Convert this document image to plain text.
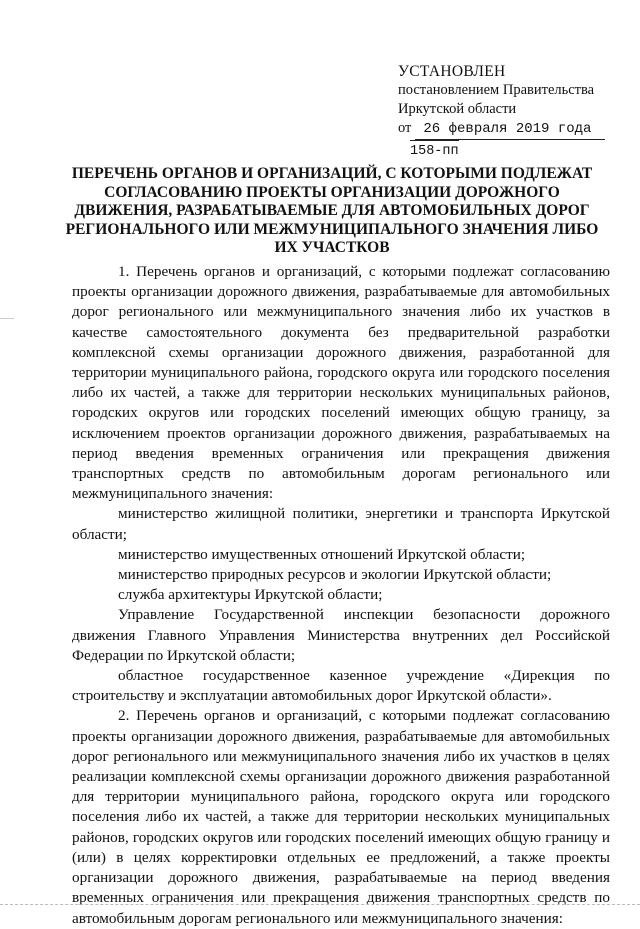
УСТАНОВЛЕН
постановлением Правительства
Иркутской области
от 26 февраля 2019 года
158-пп
ПЕРЕЧЕНЬ ОРГАНОВ И ОРГАНИЗАЦИЙ, С КОТОРЫМИ ПОДЛЕЖАТ СОГЛАСОВАНИЮ ПРОЕКТЫ ОРГАНИЗАЦИИ ДОРОЖНОГО ДВИЖЕНИЯ, РАЗРАБАТЫВАЕМЫЕ ДЛЯ АВТОМОБИЛЬНЫХ ДОРОГ РЕГИОНАЛЬНОГО ИЛИ МЕЖМУНИЦИПАЛЬНОГО ЗНАЧЕНИЯ ЛИБО ИХ УЧАСТКОВ

1. Перечень органов и организаций, с которыми подлежат согласованию проекты организации дорожного движения, разрабатываемые для автомобильных дорог регионального или межмуниципального значения либо их участков в качестве самостоятельного документа без предварительной разработки комплексной схемы организации дорожного движения, разработанной для территории муниципального района, городского округа или городского поселения либо их частей, а также для территории нескольких муниципальных районов, городских округов или городских поселений имеющих общую границу, за исключением проектов организации дорожного движения, разрабатываемых на период введения временных ограничения или прекращения движения транспортных средств по автомобильным дорогам регионального или межмуниципального значения:

министерство жилищной политики, энергетики и транспорта Иркутской области;

министерство имущественных отношений Иркутской области;

министерство природных ресурсов и экологии Иркутской области;

служба архитектуры Иркутской области;

Управление Государственной инспекции безопасности дорожного движения Главного Управления Министерства внутренних дел Российской Федерации по Иркутской области;

областное государственное казенное учреждение «Дирекция по строительству и эксплуатации автомобильных дорог Иркутской области».

2. Перечень органов и организаций, с которыми подлежат согласованию проекты организации дорожного движения, разрабатываемые для автомобильных дорог регионального или межмуниципального значения либо их участков в целях реализации комплексной схемы организации дорожного движения разработанной для территории муниципального района, городского округа или городского поселения либо их частей, а также для территории нескольких муниципальных районов, городских округов или городских поселений имеющих общую границу и (или) в целях корректировки отдельных ее предложений, а также проекты организации дорожного движения, разрабатываемые на период введения временных ограничения или прекращения движения транспортных средств по автомобильным дорогам регионального или межмуниципального значения:
